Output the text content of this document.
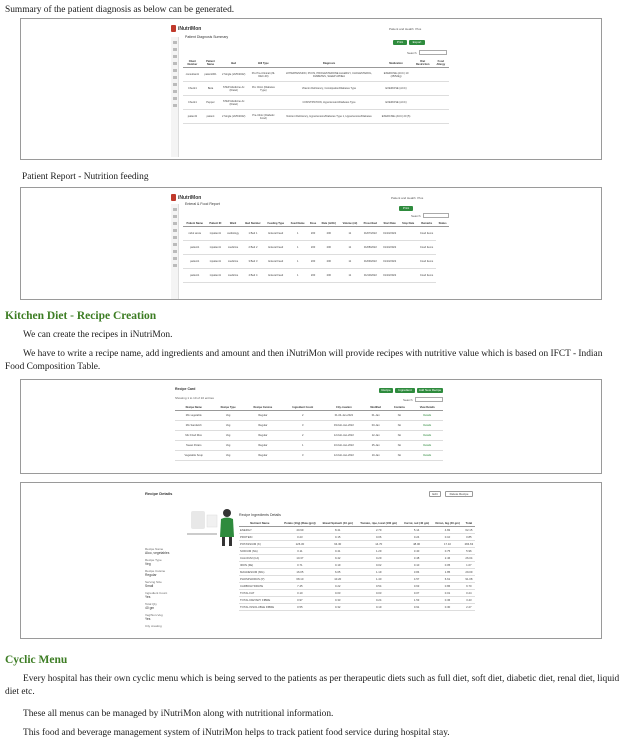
Summary of the patient diagnosis as below can be generated.

iNutriMon
Patient Diagnosis Summary
Patient and Health Plus
Print	Export
Search
Client Number	Patient Name	Bed	Bill Type	Diagnosis	Medication	Diet Restriction	Food Allergy
consultant1	patient001	2 Single (2/25/2022)	Pre Pre-Clinical (29-DEC-00)	HYPERTENSION, PCOS, PROGESTERONE ALLERGY, CHOLESTEROL, DIABETES, SLEEP APNEA	EXERCISE (ACC) 10 (25/52kg)		
Check1	Beta	STEP-Medicine Ac (Dietel)	Pre Clinic (Diabetes Type)	Vitamin Deficiency, Constipation/Diabetes Type	EXERCISE (ACC)		
Check1	Pepper	STEP-Medicine Ac (Dietel)		CONSTIPATION, Hypertension/Diabetes Type	EXERCISE (ACC)		
patient3	patient	2 Single (2/25/2022)	Pre-Clinic (Diabetic Food)	Nutrient Deficiency, Hypertension/Diabetes Type 1, Hypertension/Diabetes	EXERCISE (ACC) 20 (5)		

Patient Report - Nutrition feeding

iNutriMon
Enteral & Food Report
Patient and Health Plus
Print
Search
Patient Name	Patient ID	Ward	Bed Number	Feeding Type	Feed Name	Dose	Rate (ml/hr)	Volume (ml)	Prescribed	Start Date	Stop Date	Remarks	Status
rahul arora	inpatient1	cardiology	1 Bed 1	Enteral Feed	1	200	200	11	01/07/2022	01/10/2022		Food Items	
patient1	inpatient1	medicine	2 Bed 2	Enteral Feed	1	200	200	11	01/08/2022	01/10/2022		Food Items	
patient1	inpatient1	medicine	3 Bed 3	Enteral Feed	1	200	200	11	01/09/2022	01/10/2022		Food Items	
patient1	inpatient1	medicine	4 Bed 4	Enteral Feed	1	200	200	11	01/10/2022	01/10/2022		Food Items	
Kitchen Diet - Recipe Creation

We can create the recipes in iNutriMon.

We have to write a recipe name, add ingredients and amount and then iNutriMon will provide recipes with nutritive value which is based on IFCT - Indian Food Composition Table.

Recipe Card
Showing 1 to 10 of 10 entries
Recipe	Ingredient	Add New Recipe
Search
Recipe Name	Recipe Type	Recipe Cuisine	Ingredient Count	City creation	Modified	Contains	View Details
Mix vegetable	Veg	Regular	2	01-04-Jan-2022	01-Jan	No	Details
Mix Sandwich	Veg	Regular	3	03-Feb-Jan-2022	03-Jan	No	Details
Mix Fried Rice	Veg	Regular	2	12-Feb-Jan-2022	12-Jan	No	Details
Sweet Potato	Veg	Regular	1	10-Feb-Jan-2022	25-Jan	No	Details
Vegetable Soup	Veg	Regular	3	12-Feb-Jan-2022	10-Jan	No	Details
Recipe Details	Edit	Delete Recipe
Recipe Name
Aloo, vegetables
Recipe Type
Veg
Recipe Cuisine
Regular
Serving Size
Small
Ingredient Count
Yes
Total Qty
40 gm
Veg/Non-Veg
Yes
City creating
Recipe Ingredients Details
Nutrient Name	Potato (10g) (Raw (gm))	Bread Spinach (10 gm)	Tomato, ripe, local (100 gm)	Carrot, red (40 gm)	Onion, big (40 gm)	Total
ENERGY	40.99	8.41	2.79	5.14	4.82	62.15
PROTEIN	0.23	0.15	0.06	0.24	0.10	0.85
POTASSIUM (K)	126.30	64.30	14.70	48.00	17.10	284.63
SODIUM (NA)	0.11	0.41	1.29	3.40	0.75	5.96
CALCIUM (CA)	10.37	9.42	0.29	3.48	2.46	26.04
IRON (FE)	0.71	0.19	0.02	0.10	0.05	1.07
MAGNESIUM (MG)	16.05	6.05	1.19	3.84	1.85	29.09
PHOSPHORUS (P)	68.10	10.20	1.40	4.57	6.61	91.08
CARBOHYDRATE	7.45	0.22	0.54	0.63	0.86	9.70
TOTAL FAT	0.10	0.03	0.03	0.07	0.01	0.24
TOTAL DIETARY FIBRE	0.97	0.33	0.24	1.53	0.36	3.43
TOTAL INSOLUBLE FIBRE	0.55	0.32	0.19	0.91	0.30	2.27
Cyclic Menu

Every hospital has their own cyclic menu which is being served to the patients as per therapeutic diets such as full diet, soft diet, diabetic diet, renal diet, liquid diet etc.

These all menus can be managed by iNutriMon along with nutritional information.

This food and beverage management system of iNutriMon helps to track patient food service during hospital stay.
